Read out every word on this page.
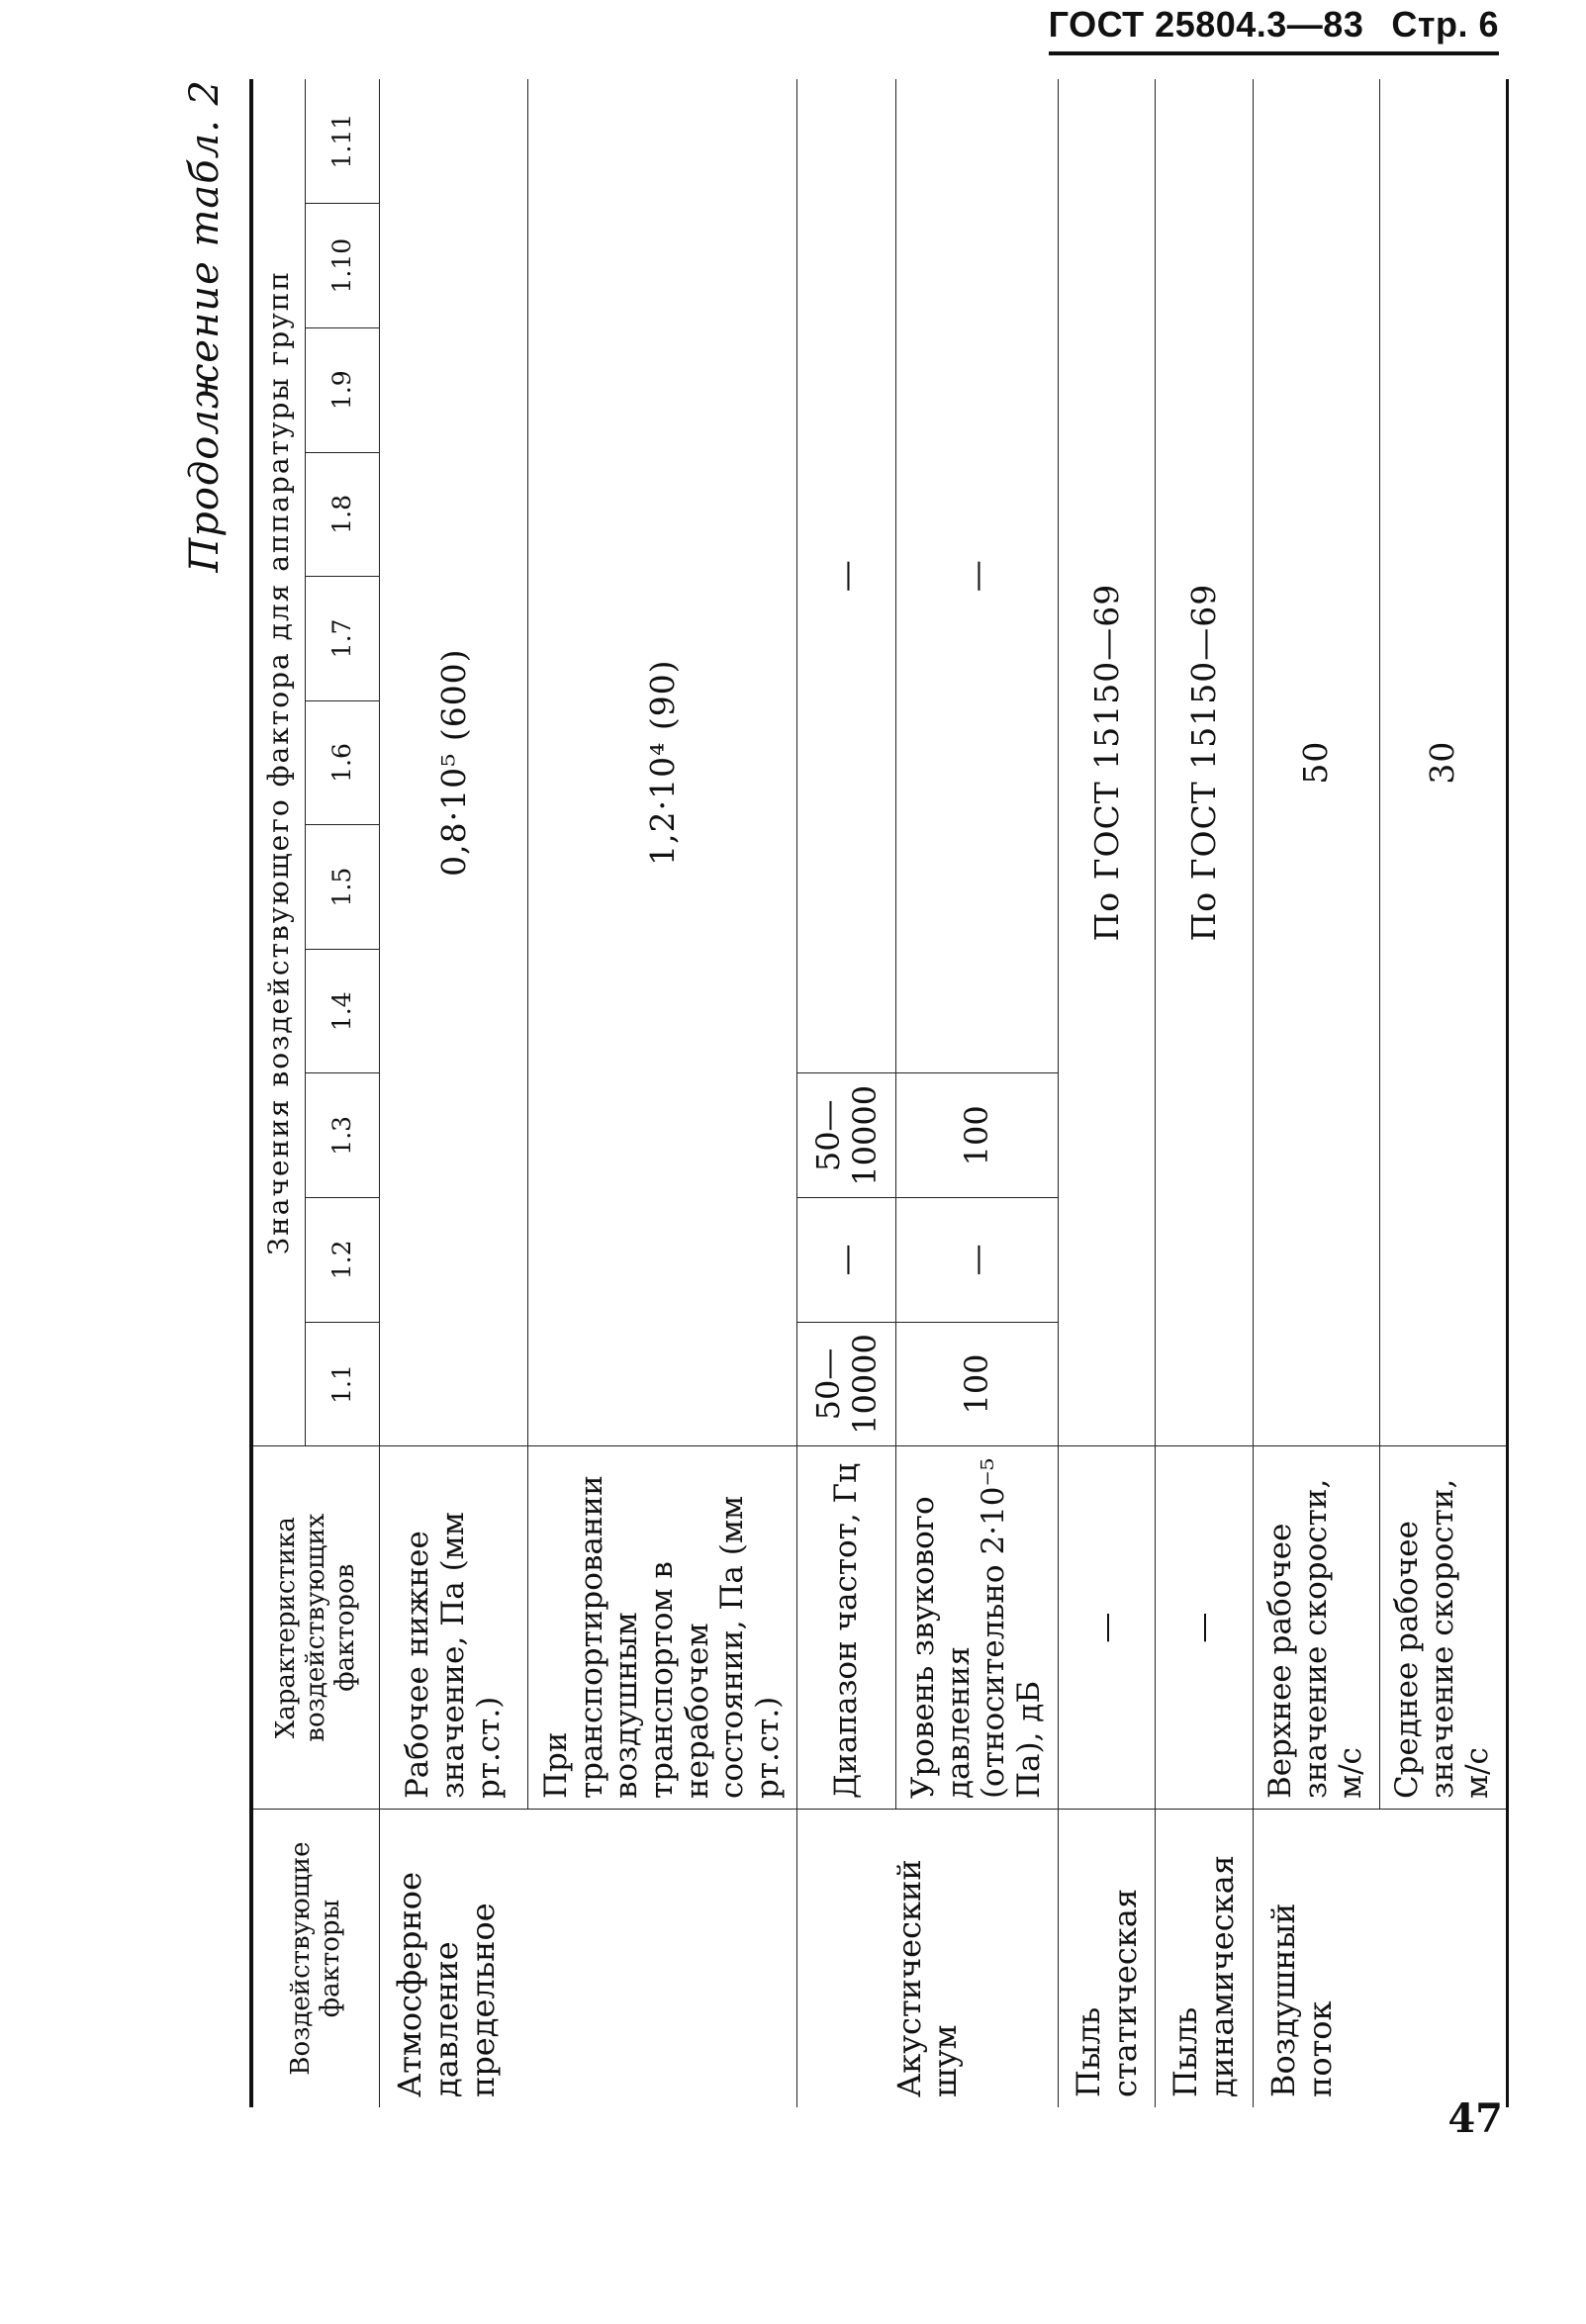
ГОСТ 25804.3—83 Стр. 6
Продолжение табл. 2
Воздействующие факторы	Характеристика воздействующих факторов	Значения воздействующего фактора для аппаратуры групп										
		1.1	1.2	1.3	1.4	1.5	1.6	1.7	1.8	1.9	1.10	1.11
Атмосферное давление предельное	Рабочее нижнее значение, Па (мм рт.ст.)	0,8·10⁵ (600)										
	При транспортировании воздушным транспортом в нерабочем состоянии, Па (мм рт.ст.)	1,2·10⁴ (90)										
Акустический шум	Диапазон частот, Гц	50—10000	—	50—10000	—							
	Уровень звукового давления (относительно 2·10⁻⁵ Па), дБ	100	—	100	—							
Пыль статическая	—	По ГОСТ 15150—69										
Пыль динамическая	—	По ГОСТ 15150—69										
Воздушный поток	Верхнее рабочее значение скорости, м/с	50										
	Среднее рабочее значение скорости, м/с	30										
47
